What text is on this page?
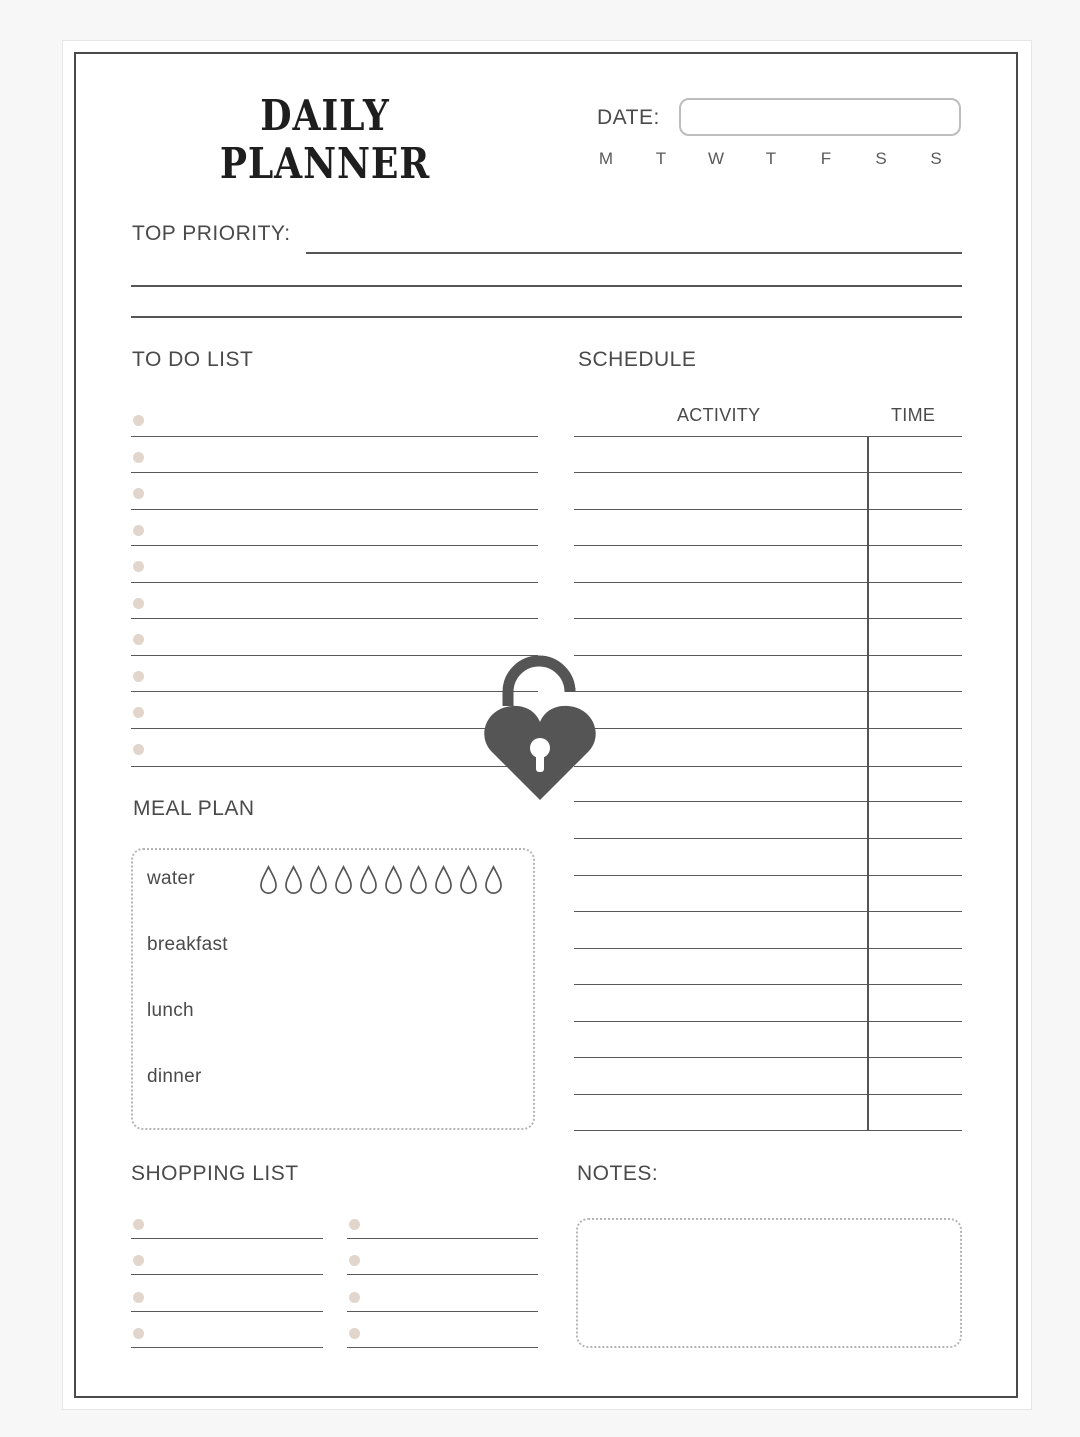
DAILY
PLANNER
DATE:
M	T	W	T	F	S	S
TOP PRIORITY:
TO DO LIST	SCHEDULE
ACTIVITY	TIME
MEAL PLAN
water
breakfast
lunch
dinner
SHOPPING LIST	NOTES:
